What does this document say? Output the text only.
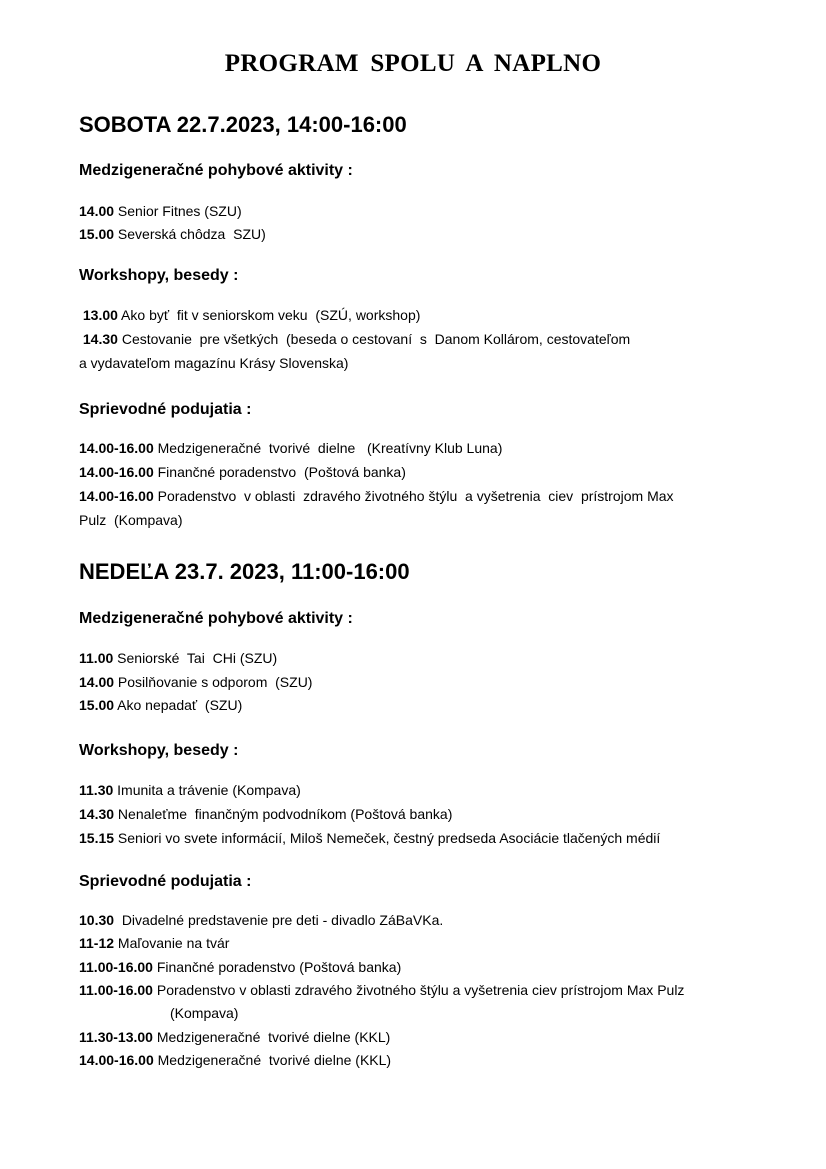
PROGRAM SPOLU A NAPLNO
SOBOTA 22.7.2023, 14:00-16:00
Medzigeneračné pohybové aktivity :
14.00 Senior Fitnes (SZU)
15.00 Severská chôdza  SZU)
Workshopy, besedy :
13.00 Ako byť  fit v seniorskom veku  (SZÚ, workshop)
14.30 Cestovanie  pre všetkých  (beseda o cestovaní  s  Danom Kollárom, cestovateľom
a vydavateľom magazínu Krásy Slovenska)
Sprievodné podujatia :
14.00-16.00 Medzigeneračné  tvorivé  dielne   (Kreatívny Klub Luna)
14.00-16.00 Finančné poradenstvo  (Poštová banka)
14.00-16.00 Poradenstvo  v oblasti  zdravého životného štýlu  a vyšetrenia  ciev  prístrojom Max
Pulz  (Kompava)
NEDEĽA 23.7. 2023, 11:00-16:00
Medzigeneračné pohybové aktivity :
11.00 Seniorské  Tai  CHi (SZU)
14.00 Posilňovanie s odporom  (SZU)
15.00 Ako nepadať  (SZU)
Workshopy, besedy :
11.30 Imunita a trávenie (Kompava)
14.30 Nenaleťme  finančným podvodníkom (Poštová banka)
15.15 Seniori vo svete informácií, Miloš Nemeček, čestný predseda Asociácie tlačených médií
Sprievodné podujatia :
10.30  Divadelné predstavenie pre deti - divadlo ZáBaVKa.
11-12 Maľovanie na tvár
11.00-16.00 Finančné poradenstvo (Poštová banka)
11.00-16.00 Poradenstvo v oblasti zdravého životného štýlu a vyšetrenia ciev prístrojom Max Pulz
(Kompava)
11.30-13.00 Medzigeneračné  tvorivé dielne (KKL)
14.00-16.00 Medzigeneračné  tvorivé dielne (KKL)
